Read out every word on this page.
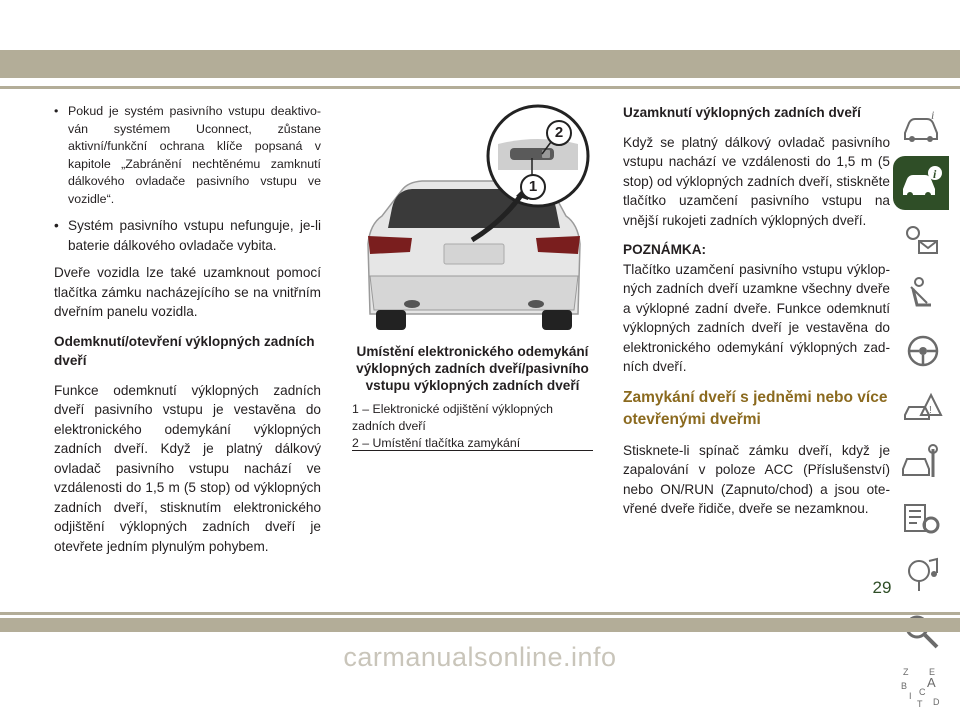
• Pokud je systém pasivního vstupu deaktivován systémem Uconnect, zůstane aktivní/funkční ochrana klíče popsaná v kapitole „Zabránění nechtěnému zamknutí dálkového ovladače pasivního vstupu ve vozidle“.

• Systém pasivního vstupu nefunguje, je-li baterie dálkového ovladače vybita.

Dveře vozidla lze také uzamknout pomocí tlačítka zámku nacházejícího se na vnitřním dveřním panelu vozidla.

Odemknutí/otevření výklopných zadních dveří

Funkce odemknutí výklopných zadních dveří pasivního vstupu je vestavěna do elektronického odemykání výklopných zadních dveří. Když je platný dálkový ovladač pasivního vstupu nachází ve vzdálenosti do 1,5 m (5 stop) od výklopných zadních dveří, stisknutím elektronického odjištění výklopných zadních dveří je otevřete jedním plynulým pohybem.

2
1
Umístění elektronického odemykání výklopných zadních dveří/pasivního vstupu výklopných zadních dveří
1 – Elektronické odjištění výklopných zadních dveří
2 – Umístění tlačítka zamykání

Uzamknutí výklopných zadních dveří

Když se platný dálkový ovladač pasivního vstupu nachází ve vzdálenosti do 1,5 m (5 stop) od výklopných zadních dveří, stiskněte tlačítko uzamčení pasivního vstupu na vnější rukojeti zadních výklopných dveří.

POZNÁMKA:

Tlačítko uzamčení pasivního vstupu výklopných zadních dveří uzamkne všechny dveře a výklopné zadní dveře. Funkce odemknutí výklopných zadních dveří je vestavěna do elektronického odemykání výklopných zadních dveří.

Zamykání dveří s jedněmi nebo více otevřenými dveřmi

Stisknete-li spínač zámku dveří, když je zapalování v poloze ACC (Příslušenství) nebo ON/RUN (Zapnuto/chod) a jsou otevřené dveře řidiče, dveře se nezamknou.

i
i
!
Z E
B A
I C
T D
29
carmanualsonline.info
